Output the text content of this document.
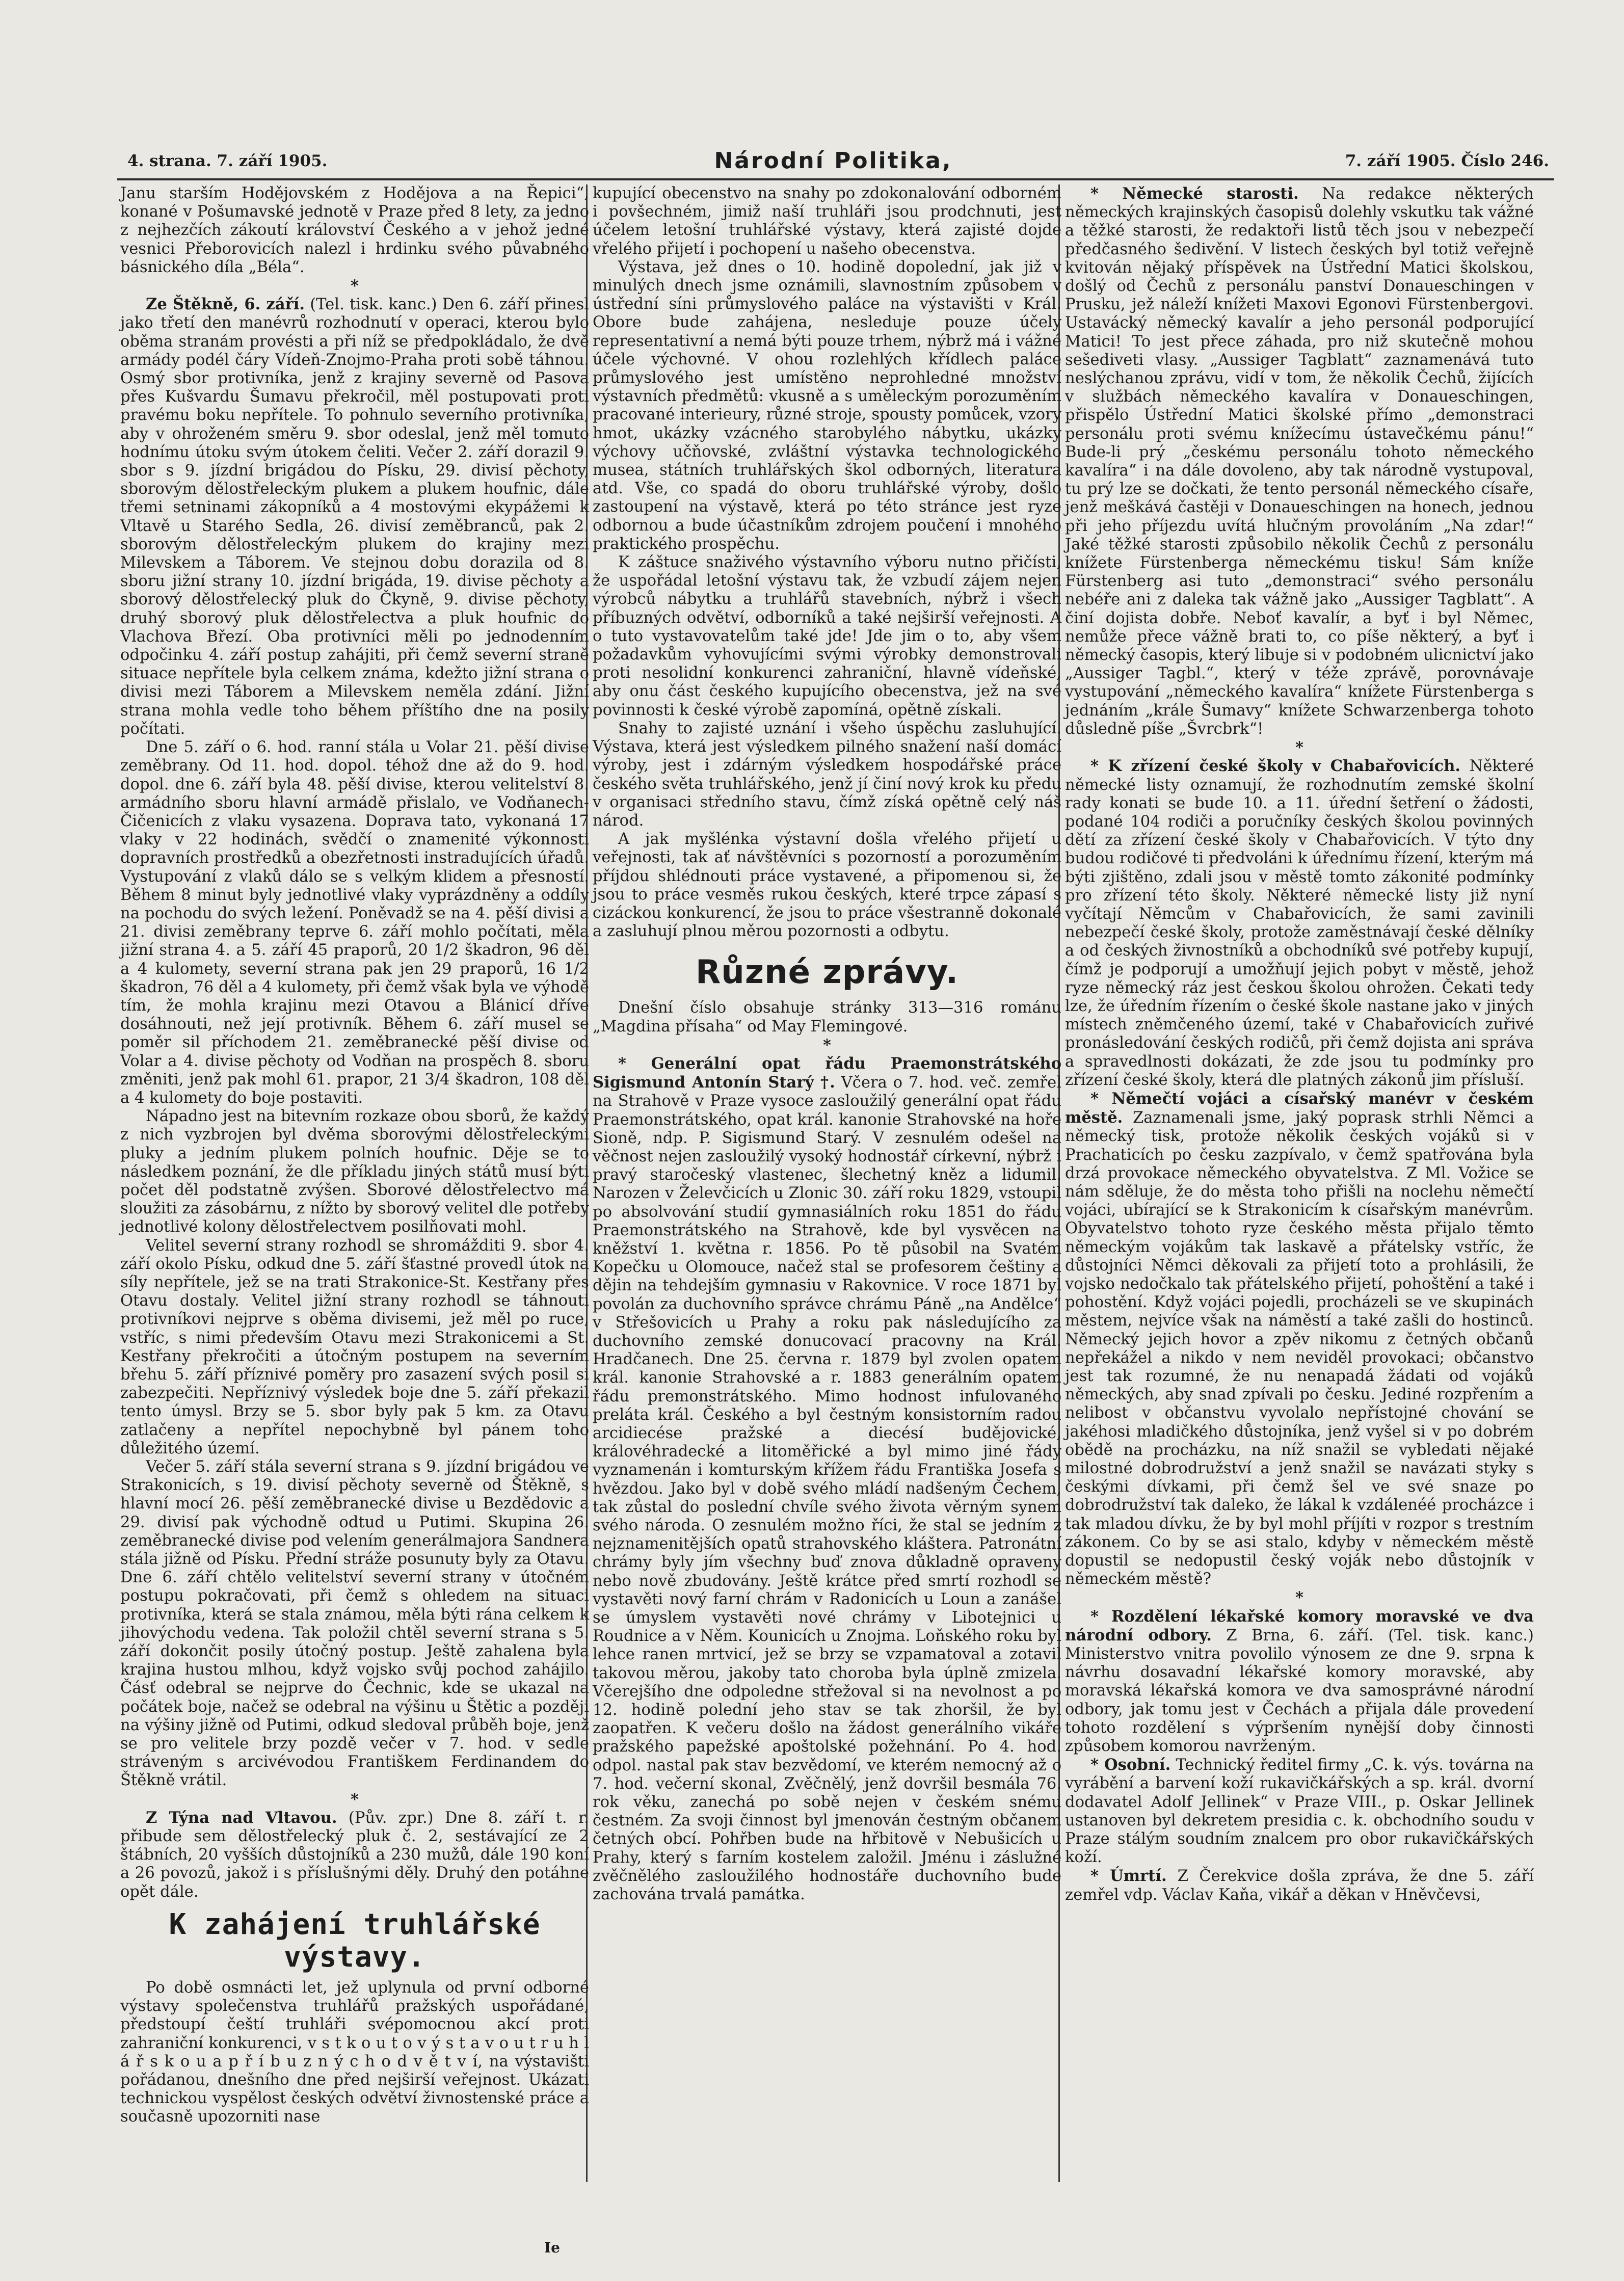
4. strana. 7. září 1905.	Národní Politika,	7. září 1905. Číslo 246.

Janu starším Hodějovském z Hodějova a na Řepici“, konané v Pošumavské jednotě v Praze před 8 lety, za jedno z nejhezčích zákoutí království Českého a v jehož jedné vesnici Přeborovicích nalezl i hrdinku svého půvabného básnického díla „Béla“.

*

Ze Štěkně, 6. září. (Tel. tisk. kanc.) Den 6. září přinesl jako třetí den manévrů rozhodnutí v operaci, kterou bylo oběma stranám provésti a při níž se předpokládalo, že dvě armády podél čáry Vídeň-Znojmo-Praha proti sobě táhnou. Osmý sbor protivníka, jenž z krajiny severně od Pasova přes Kušvardu Šumavu překročil, měl postupovati proti pravému boku nepřítele. To pohnulo severního protivníka, aby v ohroženém směru 9. sbor odeslal, jenž měl tomuto hodnímu útoku svým útokem čeliti. Večer 2. září dorazil 9. sbor s 9. jízdní brigádou do Písku, 29. divisí pěchoty, sborovým dělostřeleckým plukem a plukem houfnic, dále třemi setninami zákopníků a 4 mostovými ekypážemi k Vltavě u Starého Sedla, 26. divisí zeměbranců, pak 2. sborovým dělostřeleckým plukem do krajiny mezi Milevskem a Táborem. Ve stejnou dobu dorazila od 8. sboru jižní strany 10. jízdní brigáda, 19. divise pěchoty a sborový dělostřelecký pluk do Čkyně, 9. divise pěchoty, druhý sborový pluk dělostřelectva a pluk houfnic do Vlachova Březí. Oba protivníci měli po jednodenním odpočinku 4. září postup zahájiti, při čemž severní straně situace nepřítele byla celkem známa, kdežto jižní strana o divisi mezi Táborem a Milevskem neměla zdání. Jižní strana mohla vedle toho během příštího dne na posily počítati.

Dne 5. září o 6. hod. ranní stála u Volar 21. pěší divise zeměbrany. Od 11. hod. dopol. téhož dne až do 9. hod. dopol. dne 6. září byla 48. pěší divise, kterou velitelství 8. armádního sboru hlavní armádě přislalo, ve Vodňanech-Čičenicích z vlaku vysazena. Doprava tato, vykonaná 17 vlaky v 22 hodinách, svědčí o znamenité výkonnosti dopravních prostředků a obezřetnosti instradujících úřadů. Vystupování z vlaků dálo se s velkým klidem a přesností. Během 8 minut byly jednotlivé vlaky vyprázdněny a oddíly na pochodu do svých ležení. Poněvadž se na 4. pěší divisi a 21. divisi zeměbrany teprve 6. září mohlo počítati, měla jižní strana 4. a 5. září 45 praporů, 20 1/2 škadron, 96 děl a 4 kulomety, severní strana pak jen 29 praporů, 16 1/2 škadron, 76 děl a 4 kulomety, při čemž však byla ve výhodě tím, že mohla krajinu mezi Otavou a Blánicí dříve dosáhnouti, než její protivník. Během 6. září musel se poměr sil příchodem 21. zeměbranecké pěší divise od Volar a 4. divise pěchoty od Vodňan na prospěch 8. sboru změniti, jenž pak mohl 61. prapor, 21 3/4 škadron, 108 děl a 4 kulomety do boje postaviti.

Nápadno jest na bitevním rozkaze obou sborů, že každý z nich vyzbrojen byl dvěma sborovými dělostřeleckými pluky a jedním plukem polních houfnic. Děje se to následkem poznání, že dle příkladu jiných států musí býti počet děl podstatně zvýšen. Sborové dělostřelectvo má sloužiti za zásobárnu, z nížto by sborový velitel dle potřeby jednotlivé kolony dělostřelectvem posilňovati mohl.

Velitel severní strany rozhodl se shromážditi 9. sbor 4. září okolo Písku, odkud dne 5. září šťastné provedl útok na síly nepřítele, jež se na trati Strakonice-St. Kestřany přes Otavu dostaly. Velitel jižní strany rozhodl se táhnouti protivníkovi nejprve s oběma divisemi, jež měl po ruce, vstříc, s nimi především Otavu mezi Strakonicemi a St. Kestřany překročiti a útočným postupem na severním břehu 5. září příznivé poměry pro zasazení svých posil si zabezpečiti. Nepříznivý výsledek boje dne 5. září překazil tento úmysl. Brzy se 5. sbor byly pak 5 km. za Otavu zatlačeny a nepřítel nepochybně byl pánem toho důležitého území.

Večer 5. září stála severní strana s 9. jízdní brigádou ve Strakonicích, s 19. divisí pěchoty severně od Štěkně, s hlavní mocí 26. pěší zeměbranecké divise u Bezdědovic a 29. divisí pak východně odtud u Putimi. Skupina 26. zeměbranecké divise pod velením generálmajora Sandnera stála jižně od Písku. Přední stráže posunuty byly za Otavu. Dne 6. září chtělo velitelství severní strany v útočném postupu pokračovati, při čemž s ohledem na situaci protivníka, která se stala známou, měla býti rána celkem k jihovýchodu vedena. Tak položil chtěl severní strana s 5. září dokončit posily útočný postup. Ještě zahalena byla krajina hustou mlhou, když vojsko svůj pochod zahájilo. Čásť odebral se nejprve do Čechnic, kde se ukazal na počátek boje, načež se odebral na výšinu u Štětic a později na výšiny jižně od Putimi, odkud sledoval průběh boje, jenž se pro velitele brzy pozdě večer v 7. hod. v sedle stráveným s arcivévodou Františkem Ferdinandem do Štěkně vrátil.

*

Z Týna nad Vltavou. (Pův. zpr.) Dne 8. září t. r. přibude sem dělostřelecký pluk č. 2, sestávající ze 2 štábních, 20 vyšších důstojníků a 230 mužů, dále 190 koní a 26 povozů, jakož i s příslušnými děly. Druhý den potáhne opět dále.

K zahájení truhlářské výstavy.

Po době osmnácti let, jež uplynula od první odborné výstavy společenstva truhlářů pražských uspořádané, předstoupí čeští truhláři svépomocnou akcí proti zahraniční konkurenci, v s t k o u t o v ý s t a v o u t r u h l á ř s k o u a p ř í b u z n ý c h o d v ě t v í, na výstavišti pořádanou, dnešního dne před nejširší veřejnost. Ukázati technickou vyspělost českých odvětví živnostenské práce a současně upozorniti nase

kupující obecenstvo na snahy po zdokonalování odborném i povšechném, jimiž naší truhláři jsou prodchnuti, jest účelem letošní truhlářské výstavy, která zajisté dojde vřelého přijetí i pochopení u našeho obecenstva.

Výstava, jež dnes o 10. hodině dopolední, jak již v minulých dnech jsme oznámili, slavnostním způsobem v ústřední síni průmyslového paláce na výstavišti v Král. Obore bude zahájena, nesleduje pouze účely representativní a nemá býti pouze trhem, nýbrž má i vážné účele výchovné. V ohou rozlehlých křídlech paláce průmyslového jest umístěno neprohledné množství výstavních předmětů: vkusně a s uměleckým porozuměním pracované interieury, různé stroje, spousty pomůcek, vzory hmot, ukázky vzácného starobylého nábytku, ukázky výchovy učňovské, zvláštní výstavka technologického musea, státních truhlářských škol odborných, literatura atd. Vše, co spadá do oboru truhlářské výroby, došlo zastoupení na výstavě, která po této stránce jest ryze odbornou a bude účastníkům zdrojem poučení i mnohého praktického prospěchu.

K záštuce snaživého výstavního výboru nutno přičísti, že uspořádal letošní výstavu tak, že vzbudí zájem nejen výrobců nábytku a truhlářů stavebních, nýbrž i všech příbuzných odvětví, odborníků a také nejširší veřejnosti. A o tuto vystavovatelům také jde! Jde jim o to, aby všem požadavkům vyhovujícími svými výrobky demonstrovali proti nesolidní konkurenci zahraniční, hlavně vídeňské, aby onu část českého kupujícího obecenstva, jež na své povinnosti k české výrobě zapomíná, opětně získali.

Snahy to zajisté uznání i všeho úspěchu zasluhující. Výstava, která jest výsledkem pilného snažení naší domácí výroby, jest i zdárným výsledkem hospodářské práce českého světa truhlářského, jenž jí činí nový krok ku předu v organisaci středního stavu, čímž získá opětně celý náš národ.

A jak myšlénka výstavní došla vřelého přijetí u veřejnosti, tak ať návštěvníci s pozorností a porozuměním příjdou shlédnouti práce vystavené, a připomenou si, že jsou to práce vesměs rukou českých, které trpce zápasí s cizáckou konkurencí, že jsou to práce všestranně dokonalé a zasluhují plnou měrou pozornosti a odbytu.

Různé zprávy.

Dnešní číslo obsahuje stránky 313—316 románu „Magdina přísaha“ od May Flemingové.

*

* Generální opat řádu Praemonstrátského Sigismund Antonín Starý †. Včera o 7. hod. več. zemřel na Strahově v Praze vysoce zasloužilý generální opat řádu Praemonstrátského, opat král. kanonie Strahovské na hoře Sioně, ndp. P. Sigismund Starý. V zesnulém odešel na věčnost nejen zasloužilý vysoký hodnostář církevní, nýbrž i pravý staročeský vlastenec, šlechetný kněz a lidumil. Narozen v Želevčicích u Zlonic 30. září roku 1829, vstoupil po absolvování studií gymnasiálních roku 1851 do řádu Praemonstrátského na Strahově, kde byl vysvěcen na kněžství 1. května r. 1856. Po tě působil na Svatém Kopečku u Olomouce, načež stal se profesorem češtiny a dějin na tehdejším gymnasiu v Rakovnice. V roce 1871 byl povolán za duchovního správce chrámu Páně „na Andělce“ v Střešovicích u Prahy a roku pak následujícího za duchovního zemské donucovací pracovny na Král. Hradčanech. Dne 25. června r. 1879 byl zvolen opatem král. kanonie Strahovské a r. 1883 generálním opatem řádu premonstrátského. Mimo hodnost infulovaného preláta král. Českého a byl čestným konsistorním radou arcidiecése pražské a diecésí budějovické, královéhradecké a litoměřické a byl mimo jiné řády vyznamenán i komturským křížem řádu Františka Josefa s hvězdou. Jako byl v době svého mládí nadšeným Čechem, tak zůstal do poslední chvíle svého života věrným synem svého národa. O zesnulém možno říci, že stal se jedním z nejznamenitějších opatů strahovského kláštera. Patronátní chrámy byly jím všechny buď znova důkladně opraveny nebo nově zbudovány. Ještě krátce před smrtí rozhodl se vystavěti nový farní chrám v Radonicích u Loun a zanášel se úmyslem vystavěti nové chrámy v Libotejnici u Roudnice a v Něm. Kounicích u Znojma. Loňského roku byl lehce ranen mrtvicí, jež se brzy se vzpamatoval a zotavil takovou měrou, jakoby tato choroba byla úplně zmizela. Včerejšího dne odpoledne střežoval si na nevolnost a po 12. hodině polední jeho stav se tak zhoršil, že byl zaopatřen. K večeru došlo na žádost generálního vikáře pražského papežské apoštolské požehnání. Po 4. hod. odpol. nastal pak stav bezvědomí, ve kterém nemocný až o 7. hod. večerní skonal, Zvěčnělý, jenž dovršil besmála 76. rok věku, zanechá po sobě nejen v českém snému čestném. Za svoji činnost byl jmenován čestným občanem četných obcí. Pohřben bude na hřbitově v Nebušicích u Prahy, který s farním kostelem založil. Jménu i záslužné zvěčnělého zasloužilého hodnostáře duchovního bude zachována trvalá památka.

* Německé starosti. Na redakce některých německých krajinských časopisů dolehly vskutku tak vážné a těžké starosti, že redaktoři listů těch jsou v nebezpečí předčasného šedivění. V listech českých byl totiž veřejně kvitován nějaký příspěvek na Ústřední Matici školskou, došlý od Čechů z personálu panství Donaueschingen v Prusku, jež náleží knížeti Maxovi Egonovi Fürstenbergovi. Ustavácký německý kavalír a jeho personál podporující Matici! To jest přece záhada, pro niž skutečně mohou sešediveti vlasy. „Aussiger Tagblatt“ zaznamenává tuto neslýchanou zprávu, vidí v tom, že několik Čechů, žijících v službách německého kavalíra v Donaueschingen, přispělo Ústřední Matici školské přímo „demonstraci personálu proti svému knížecímu ústavečkému pánu!“ Bude-li prý „českému personálu tohoto německého kavalíra“ i na dále dovoleno, aby tak národně vystupoval, tu prý lze se dočkati, že tento personál německého císaře, jenž meškává častěji v Donaueschingen na honech, jednou při jeho příjezdu uvítá hlučným provoláním „Na zdar!“ Jaké těžké starosti způsobilo několik Čechů z personálu knížete Fürstenberga německému tisku! Sám kníže Fürstenberg asi tuto „demonstraci“ svého personálu nebéře ani z daleka tak vážně jako „Aussiger Tagblatt“. A činí dojista dobře. Neboť kavalír, a byť i byl Němec, nemůže přece vážně brati to, co píše některý, a byť i německý časopis, který libuje si v podobném ulicnictví jako „Aussiger Tagbl.“, který v téže zprávě, porovnávaje vystupování „německého kavalíra“ knížete Fürstenberga s jednáním „krále Šumavy“ knížete Schwarzenberga tohoto důsledně píše „Švrcbrk“!

*

* K zřízení české školy v Chabařovicích. Některé německé listy oznamují, že rozhodnutím zemské školní rady konati se bude 10. a 11. úřední šetření o žádosti, podané 104 rodiči a poručníky českých školou povinných dětí za zřízení české školy v Chabařovicích. V týto dny budou rodičové ti předvoláni k úřednímu řízení, kterým má býti zjištěno, zdali jsou v městě tomto zákonité podmínky pro zřízení této školy. Některé německé listy již nyní vyčítají Němcům v Chabařovicích, že sami zavinili nebezpečí české školy, protože zaměstnávají české dělníky a od českých živnostníků a obchodníků své potřeby kupují, čímž je podporují a umožňují jejich pobyt v městě, jehož ryze německý ráz jest českou školou ohrožen. Čekati tedy lze, že úředním řízením o české škole nastane jako v jiných místech zněmčeného území, také v Chabařovicích zuřivé pronásledování českých rodičů, při čemž dojista ani správa a spravedlnosti dokázati, že zde jsou tu podmínky pro zřízení české školy, která dle platných zákonů jim přísluší.

* Němečtí vojáci a císařský manévr v českém městě. Zaznamenali jsme, jaký poprask strhli Němci a německý tisk, protože několik českých vojáků si v Prachaticích po česku zazpívalo, v čemž spatřována byla drzá provokace německého obyvatelstva. Z Ml. Vožice se nám sděluje, že do města toho přišli na noclehu němečtí vojáci, ubírající se k Strakonicím k císařským manévrům. Obyvatelstvo tohoto ryze českého města přijalo těmto německým vojákům tak laskavě a přátelsky vstříc, že důstojníci Němci děkovali za přijetí toto a prohlásili, že vojsko nedočkalo tak přátelského přijetí, pohoštění a také i pohostění. Když vojáci pojedli, procházeli se ve skupinách městem, nejvíce však na náměstí a také zašli do hostinců. Německý jejich hovor a zpěv nikomu z četných občanů nepřekážel a nikdo v nem neviděl provokaci; občanstvo jest tak rozumné, že nu nenapadá žádati od vojáků německých, aby snad zpívali po česku. Jediné rozpřením a nelibost v občanstvu vyvolalo nepřístojné chování se jakéhosi mladičkého důstojníka, jenž vyšel si v po dobrém obědě na procházku, na níž snažil se vybledati nějaké milostné dobrodružství a jenž snažil se navázati styky s českými dívkami, při čemž šel ve své snaze po dobrodružství tak daleko, že lákal k vzdálenéé procházce i tak mladou dívku, že by byl mohl příjíti v rozpor s trestním zákonem. Co by se asi stalo, kdyby v německém městě dopustil se nedopustil český voják nebo důstojník v německém městě?

*

* Rozdělení lékařské komory moravské ve dva národní odbory. Z Brna, 6. září. (Tel. tisk. kanc.) Ministerstvo vnitra povolilo výnosem ze dne 9. srpna k návrhu dosavadní lékařské komory moravské, aby moravská lékařská komora ve dva samosprávné národní odbory, jak tomu jest v Čechách a přijala dále provedení tohoto rozdělení s výpršením nynější doby činnosti způsobem komorou navrženým.

* Osobní. Technický ředitel firmy „C. k. výs. továrna na vyrábění a barvení koží rukavičkářských a sp. král. dvorní dodavatel Adolf Jellinek“ v Praze VIII., p. Oskar Jellinek ustanoven byl dekretem presidia c. k. obchodního soudu v Praze stálým soudním znalcem pro obor rukavičkářských koží.

* Úmrtí. Z Čerekvice došla zpráva, že dne 5. září zemřel vdp. Václav Kaňa, vikář a děkan v Hněvčevsi,

Ie
